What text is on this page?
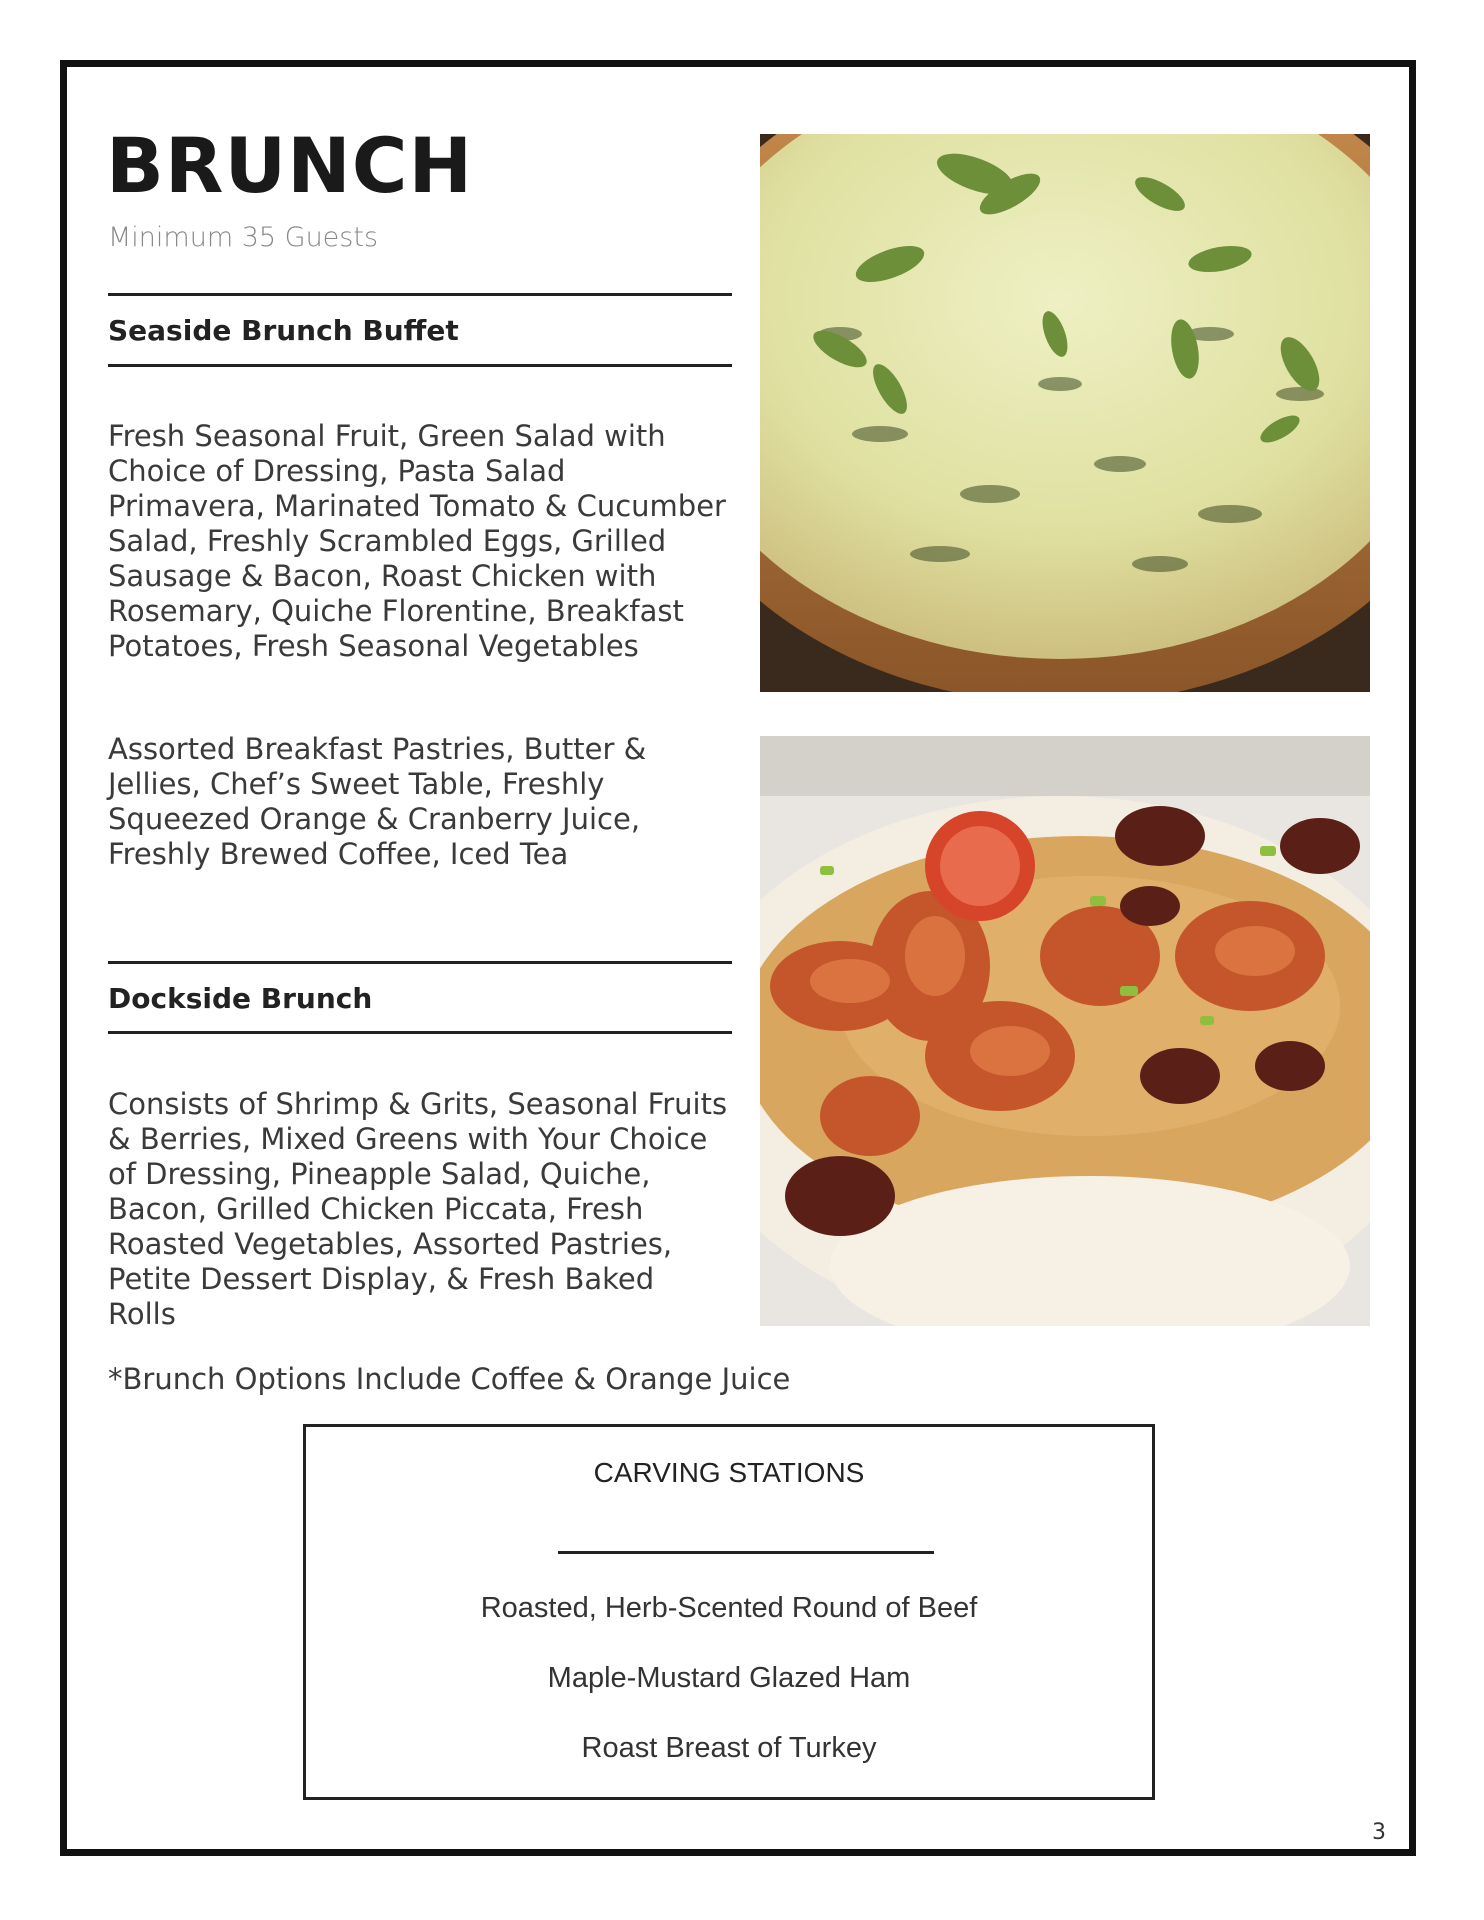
BRUNCH
Minimum 35 Guests
Seaside Brunch Buffet

Fresh Seasonal Fruit, Green Salad with Choice of Dressing, Pasta Salad Primavera, Marinated Tomato & Cucumber Salad, Freshly Scrambled Eggs, Grilled Sausage & Bacon, Roast Chicken with Rosemary, Quiche Florentine, Breakfast Potatoes, Fresh Seasonal Vegetables

Assorted Breakfast Pastries, Butter & Jellies, Chef’s Sweet Table, Freshly Squeezed Orange & Cranberry Juice, Freshly Brewed Coffee, Iced Tea

Dockside Brunch

Consists of Shrimp & Grits, Seasonal Fruits & Berries, Mixed Greens with Your Choice of Dressing, Pineapple Salad, Quiche, Bacon, Grilled Chicken Piccata, Fresh Roasted Vegetables, Assorted Pastries, Petite Dessert Display, & Fresh Baked Rolls

*Brunch Options Include Coffee & Orange Juice
CARVING STATIONS
Roasted, Herb-Scented Round of Beef
Maple-Mustard Glazed Ham
Roast Breast of Turkey
3
